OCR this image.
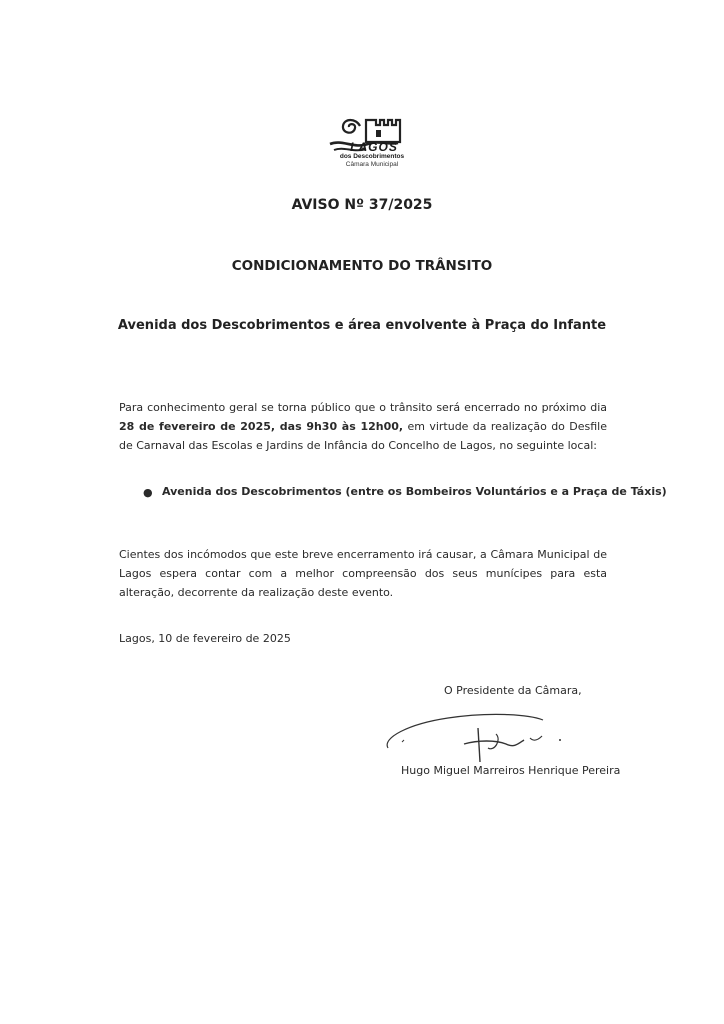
LAGOS
dos Descobrimentos
Câmara Municipal
AVISO Nº 37/2025
CONDICIONAMENTO DO TRÂNSITO
Avenida dos Descobrimentos e área envolvente à Praça do Infante
Para conhecimento geral se torna público que o trânsito será encerrado no próximo dia 28 de fevereiro de 2025, das 9h30 às 12h00, em virtude da realização do Desfile de Carnaval das Escolas e Jardins de Infância do Concelho de Lagos, no seguinte local:
● Avenida dos Descobrimentos (entre os Bombeiros Voluntários e a Praça de Táxis)
Cientes dos incómodos que este breve encerramento irá causar, a Câmara Municipal de Lagos espera contar com a melhor compreensão dos seus munícipes para esta alteração, decorrente da realização deste evento.
Lagos, 10 de fevereiro de 2025
O Presidente da Câmara,
Hugo Miguel Marreiros Henrique Pereira
